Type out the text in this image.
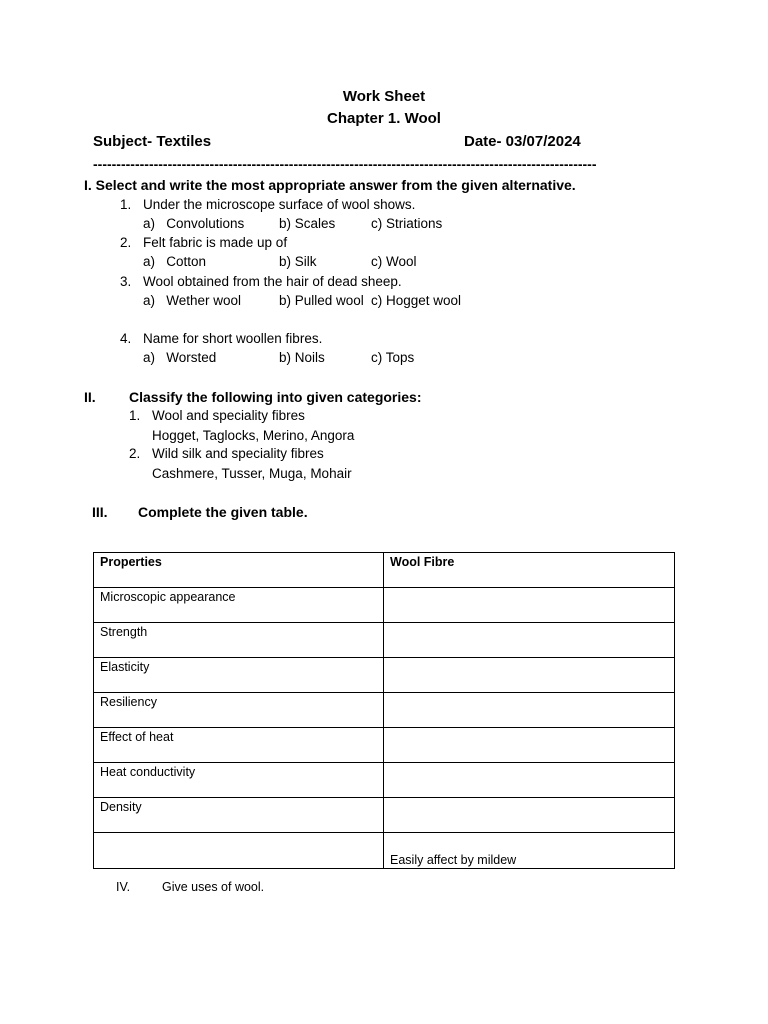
Work Sheet
Chapter 1. Wool
Subject- Textiles	Date- 03/07/2024
------------------------------------------------------------------------------------------------------------
I. Select and write the most appropriate answer from the given alternative.
1. Under the microscope surface of wool shows.
a)   Convolutions	b) Scales	c) Striations
2. Felt fabric is made up of
a)   Cotton	b) Silk	c) Wool
3. Wool obtained from the hair of dead sheep.
a)   Wether wool	b) Pulled wool c) Hogget wool
4. Name for short woollen fibres.
a)   Worsted	b) Noils	c) Tops
II. Classify the following into given categories:
1. Wool and speciality fibres
Hogget, Taglocks, Merino, Angora
2. Wild silk and speciality fibres
Cashmere, Tusser, Muga, Mohair
III. Complete the given table.
Properties	Wool Fibre
Microscopic appearance	
Strength	
Elasticity	
Resiliency	
Effect of heat	
Heat conductivity	
Density	
	Easily affect by mildew
IV.	Give uses of wool.
